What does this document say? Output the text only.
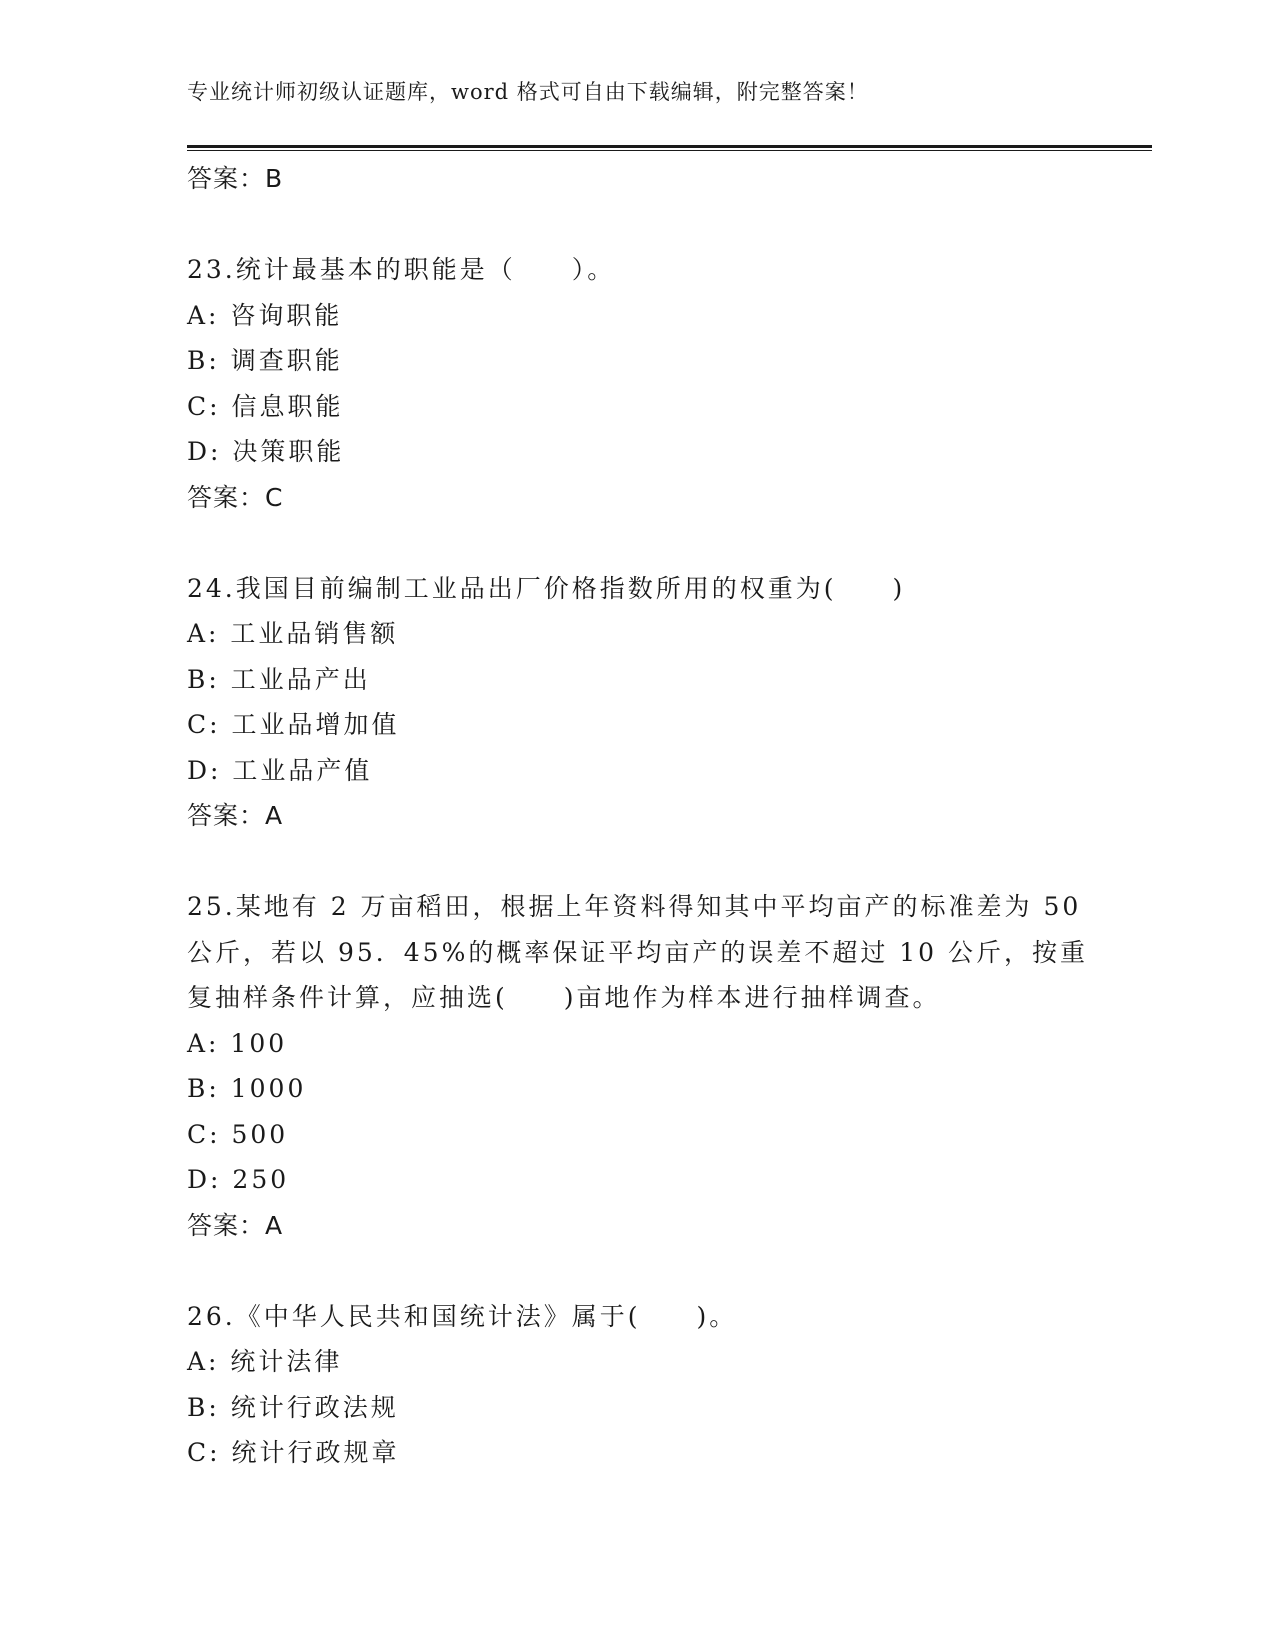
专业统计师初级认证题库，word 格式可自由下载编辑，附完整答案！
答案：B
23.统计最基本的职能是（　　）。
A: 咨询职能
B: 调查职能
C: 信息职能
D: 决策职能
答案：C
24.我国目前编制工业品出厂价格指数所用的权重为(　　)
A: 工业品销售额
B: 工业品产出
C: 工业品增加值
D: 工业品产值
答案：A
25.某地有 2 万亩稻田，根据上年资料得知其中平均亩产的标准差为 50
公斤，若以 95．45%的概率保证平均亩产的误差不超过 10 公斤，按重
复抽样条件计算，应抽选(　　)亩地作为样本进行抽样调查。
A: 100
B: 1000
C: 500
D: 250
答案：A
26.《中华人民共和国统计法》属于(　　)。
A: 统计法律
B: 统计行政法规
C: 统计行政规章
